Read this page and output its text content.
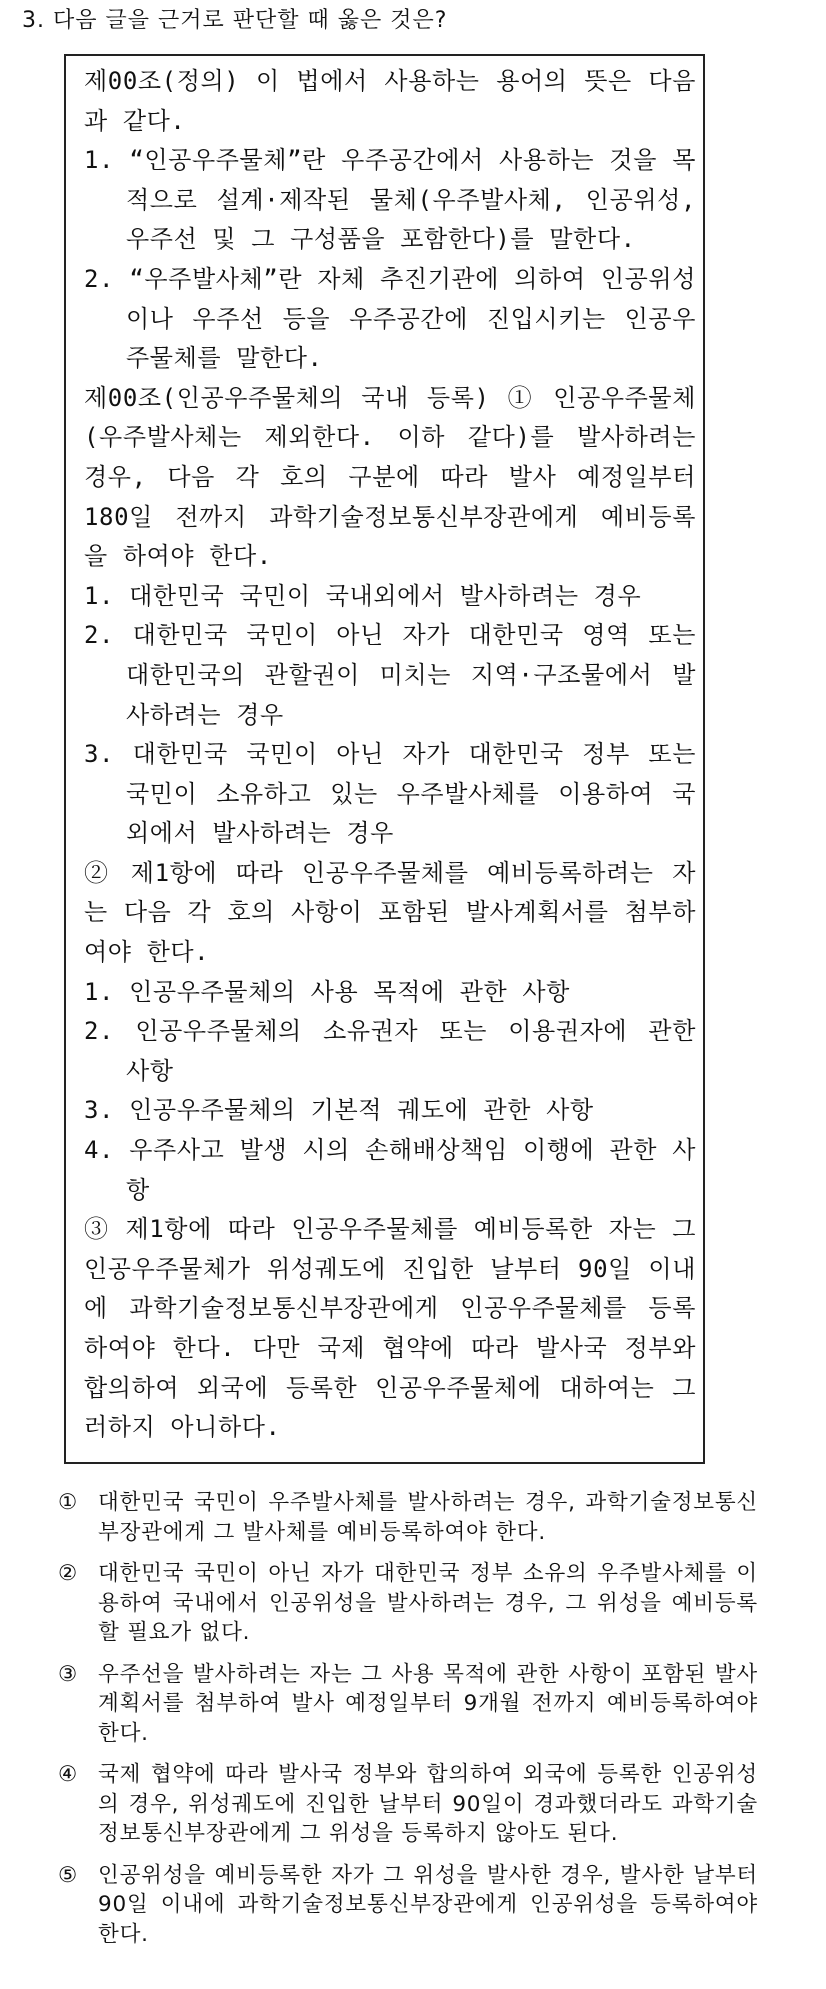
3. 다음 글을 근거로 판단할 때 옳은 것은?

제00조(정의) 이 법에서 사용하는 용어의 뜻은 다음 과 같다.

1. “인공우주물체”란 우주공간에서 사용하는 것을 목적으로 설계·제작된 물체(우주발사체, 인공위성, 우주선 및 그 구성품을 포함한다)를 말한다.

2. “우주발사체”란 자체 추진기관에 의하여 인공위성이나 우주선 등을 우주공간에 진입시키는 인공우주물체를 말한다.

제00조(인공우주물체의 국내 등록) ① 인공우주물체(우주발사체는 제외한다. 이하 같다)를 발사하려는 경우, 다음 각 호의 구분에 따라 발사 예정일부터 180일 전까지 과학기술정보통신부장관에게 예비등록을 하여야 한다.

1. 대한민국 국민이 국내외에서 발사하려는 경우

2. 대한민국 국민이 아닌 자가 대한민국 영역 또는 대한민국의 관할권이 미치는 지역·구조물에서 발사하려는 경우

3. 대한민국 국민이 아닌 자가 대한민국 정부 또는 국민이 소유하고 있는 우주발사체를 이용하여 국외에서 발사하려는 경우

② 제1항에 따라 인공우주물체를 예비등록하려는 자는 다음 각 호의 사항이 포함된 발사계획서를 첨부하여야 한다.

1. 인공우주물체의 사용 목적에 관한 사항

2. 인공우주물체의 소유권자 또는 이용권자에 관한 사항

3. 인공우주물체의 기본적 궤도에 관한 사항

4. 우주사고 발생 시의 손해배상책임 이행에 관한 사항

③ 제1항에 따라 인공우주물체를 예비등록한 자는 그 인공우주물체가 위성궤도에 진입한 날부터 90일 이내에 과학기술정보통신부장관에게 인공우주물체를 등록하여야 한다. 다만 국제 협약에 따라 발사국 정부와 합의하여 외국에 등록한 인공우주물체에 대하여는 그러하지 아니하다.

① 대한민국 국민이 우주발사체를 발사하려는 경우, 과학기술정보통신부장관에게 그 발사체를 예비등록하여야 한다.
② 대한민국 국민이 아닌 자가 대한민국 정부 소유의 우주발사체를 이용하여 국내에서 인공위성을 발사하려는 경우, 그 위성을 예비등록할 필요가 없다.
③ 우주선을 발사하려는 자는 그 사용 목적에 관한 사항이 포함된 발사계획서를 첨부하여 발사 예정일부터 9개월 전까지 예비등록하여야 한다.
④ 국제 협약에 따라 발사국 정부와 합의하여 외국에 등록한 인공위성의 경우, 위성궤도에 진입한 날부터 90일이 경과했더라도 과학기술정보통신부장관에게 그 위성을 등록하지 않아도 된다.
⑤ 인공위성을 예비등록한 자가 그 위성을 발사한 경우, 발사한 날부터 90일 이내에 과학기술정보통신부장관에게 인공위성을 등록하여야 한다.
